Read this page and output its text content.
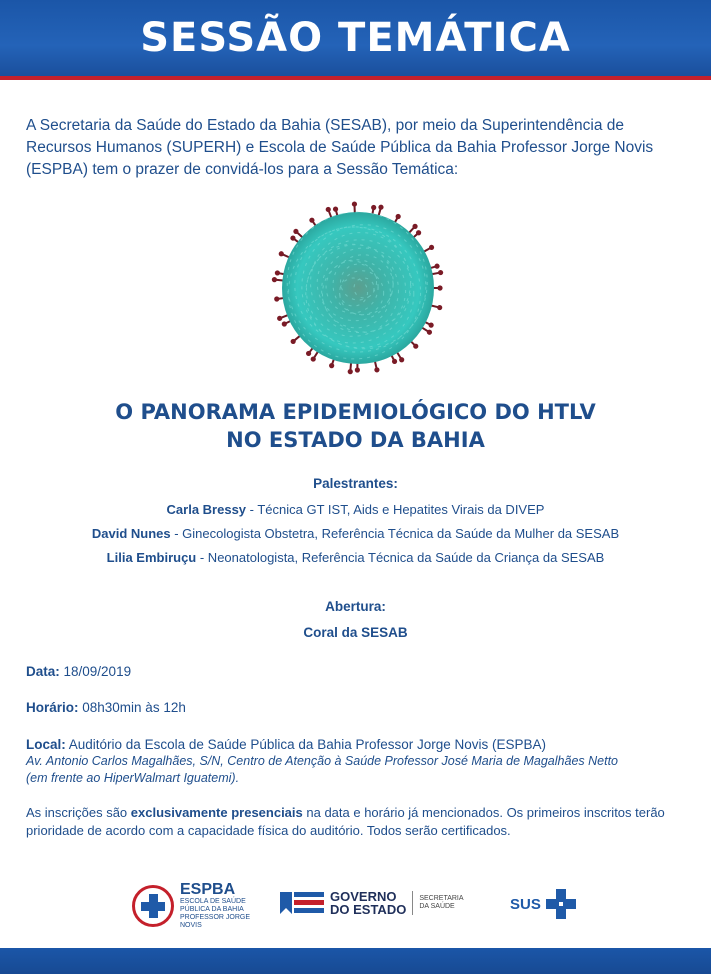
SESSÃO TEMÁTICA
A Secretaria da Saúde do Estado da Bahia (SESAB), por meio da Superintendência de Recursos Humanos (SUPERH) e Escola de Saúde Pública da Bahia Professor Jorge Novis (ESPBA) tem o prazer de convidá-los para a Sessão Temática:
O PANORAMA EPIDEMIOLÓGICO DO HTLV
NO ESTADO DA BAHIA
Palestrantes:
Carla Bressy - Técnica GT IST, Aids e Hepatites Virais da DIVEP
David Nunes - Ginecologista Obstetra, Referência Técnica da Saúde da Mulher da SESAB
Lilia Embiruçu - Neonatologista, Referência Técnica da Saúde da Criança da SESAB
Abertura:
Coral da SESAB
Data: 18/09/2019
Horário: 08h30min às 12h
Local: Auditório da Escola de Saúde Pública da Bahia Professor Jorge Novis (ESPBA)
Av. Antonio Carlos Magalhães, S/N, Centro de Atenção à Saúde Professor José Maria de Magalhães Netto
(em frente ao HiperWalmart Iguatemi).
As inscrições são exclusivamente presenciais na data e horário já mencionados. Os primeiros inscritos terão prioridade de acordo com a capacidade física do auditório. Todos serão certificados.
ESPBA
ESCOLA DE SAÚDE
PÚBLICA DA BAHIA
PROFESSOR JORGE NOVIS
GOVERNO
DO ESTADO
SECRETARIA
DA SAÚDE	SUS
